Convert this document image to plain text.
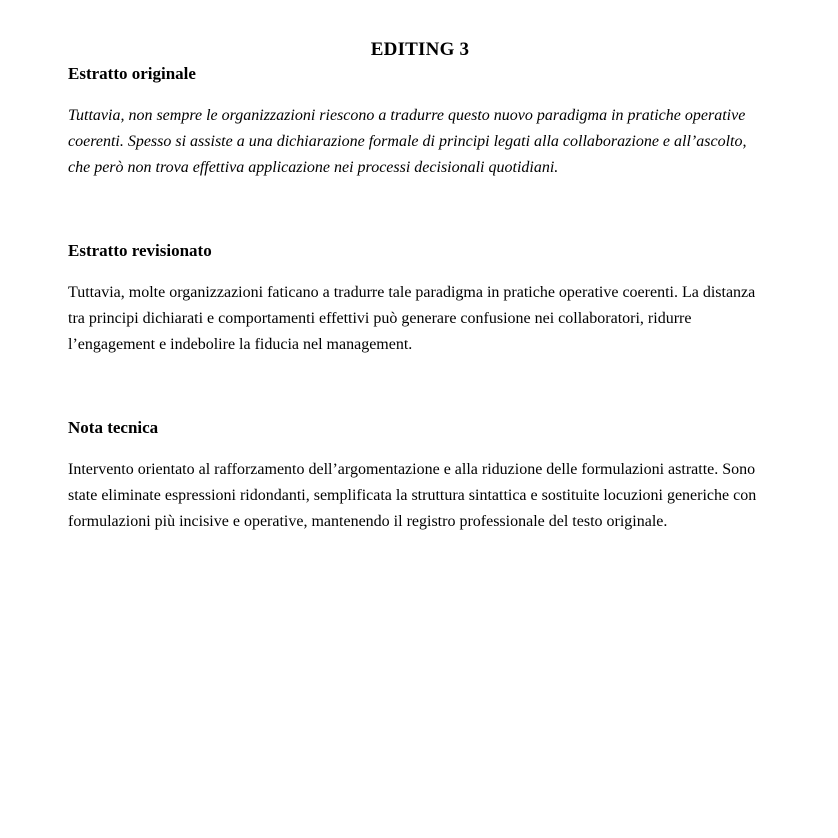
EDITING 3
Estratto originale

Tuttavia, non sempre le organizzazioni riescono a tradurre questo nuovo paradigma in pratiche operative coerenti. Spesso si assiste a una dichiarazione formale di principi legati alla collaborazione e all’ascolto, che però non trova effettiva applicazione nei processi decisionali quotidiani.

Estratto revisionato

Tuttavia, molte organizzazioni faticano a tradurre tale paradigma in pratiche operative coerenti. La distanza tra principi dichiarati e comportamenti effettivi può generare confusione nei collaboratori, ridurre l’engagement e indebolire la fiducia nel management.

Nota tecnica

Intervento orientato al rafforzamento dell’argomentazione e alla riduzione delle formulazioni astratte. Sono state eliminate espressioni ridondanti, semplificata la struttura sintattica e sostituite locuzioni generiche con formulazioni più incisive e operative, mantenendo il registro professionale del testo originale.
